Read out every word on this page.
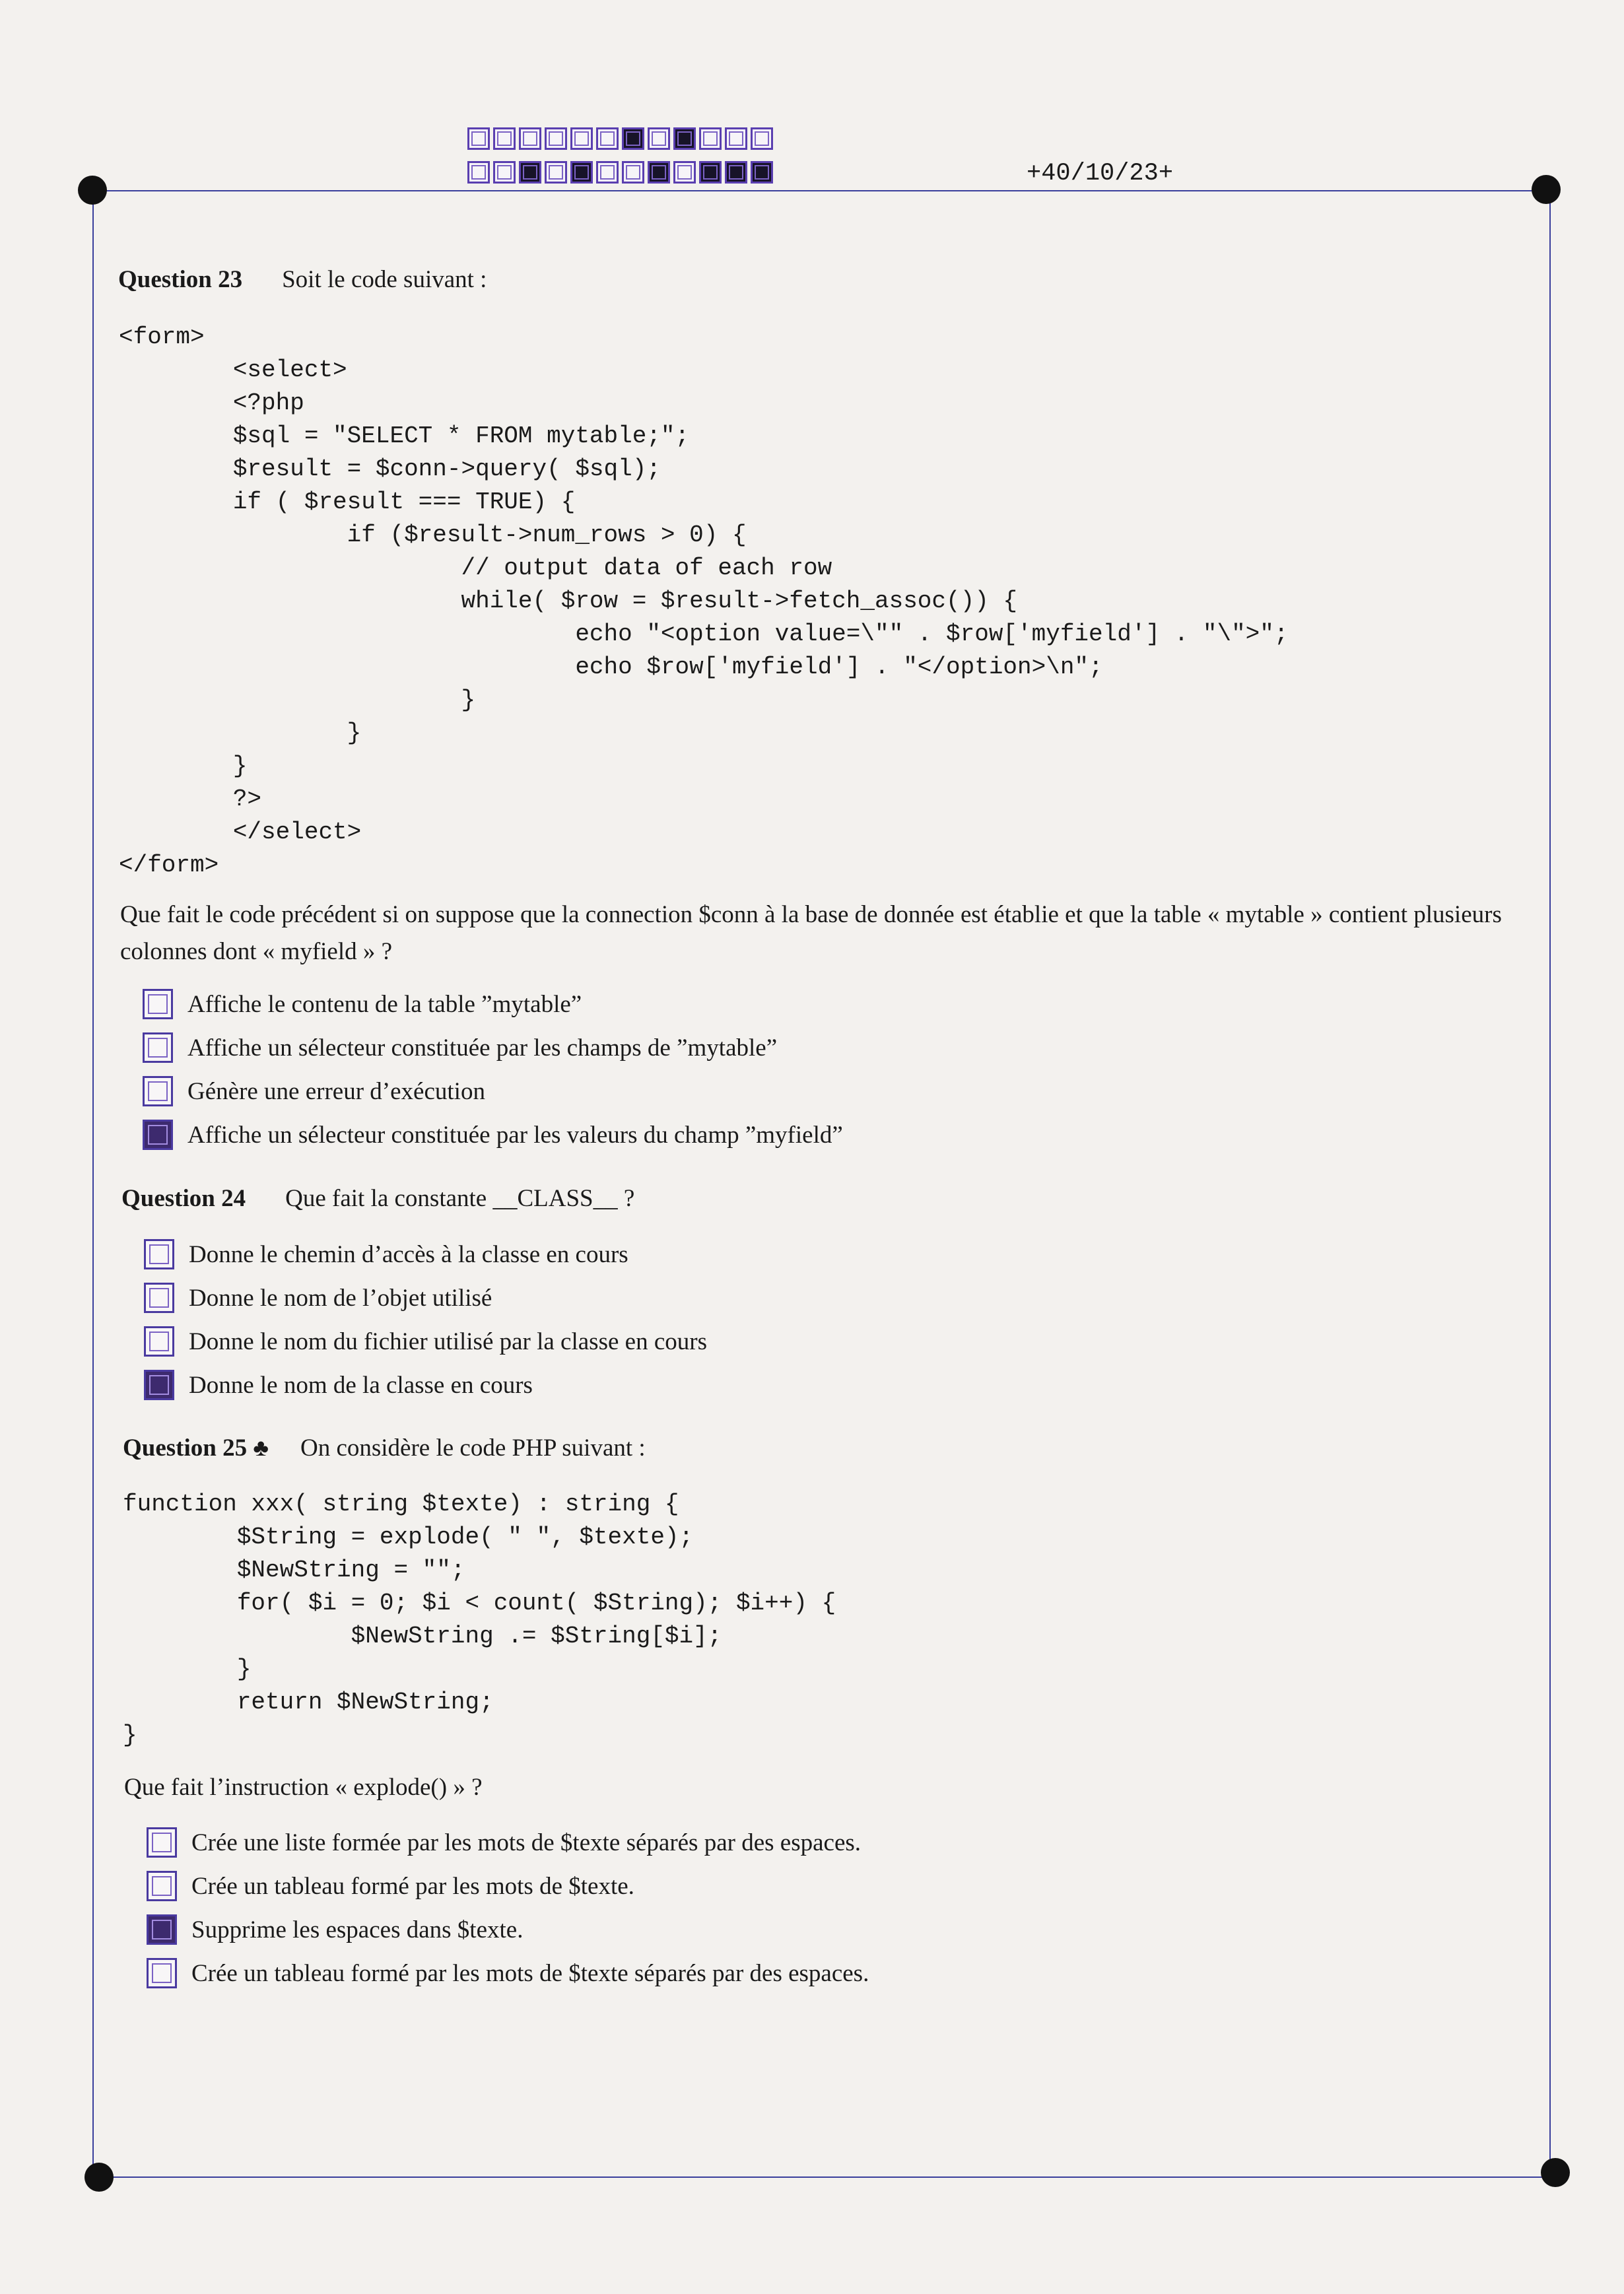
+40/10/23+
Question 23 Soit le code suivant :
<form>
	<select>
	<?php
	$sql = "SELECT * FROM mytable;";
	$result = $conn->query( $sql);
	if ( $result === TRUE) {
		if ($result->num_rows > 0) {
			// output data of each row
			while( $row = $result->fetch_assoc()) {
				echo "<option value=\"" . $row['myfield'] . "\">";
				echo $row['myfield'] . "</option>\n";
			}
		}
	}
	?>
	</select>
</form>
Que fait le code précédent si on suppose que la connection $conn à la base de donnée est établie et que la table « mytable » contient plusieurs colonnes dont « myfield » ?
Affiche le contenu de la table ”mytable”
Affiche un sélecteur constituée par les champs de ”mytable”
Génère une erreur d’exécution
Affiche un sélecteur constituée par les valeurs du champ ”myfield”
Question 24 Que fait la constante __CLASS__ ?
Donne le chemin d’accès à la classe en cours
Donne le nom de l’objet utilisé
Donne le nom du fichier utilisé par la classe en cours
Donne le nom de la classe en cours
Question 25 ♣ On considère le code PHP suivant :
function xxx( string $texte) : string {
	$String = explode( " ", $texte);
	$NewString = "";
	for( $i = 0; $i < count( $String); $i++) {
		$NewString .= $String[$i];
	}
	return $NewString;
}
Que fait l’instruction « explode() » ?
Crée une liste formée par les mots de $texte séparés par des espaces.
Crée un tableau formé par les mots de $texte.
Supprime les espaces dans $texte.
Crée un tableau formé par les mots de $texte séparés par des espaces.
